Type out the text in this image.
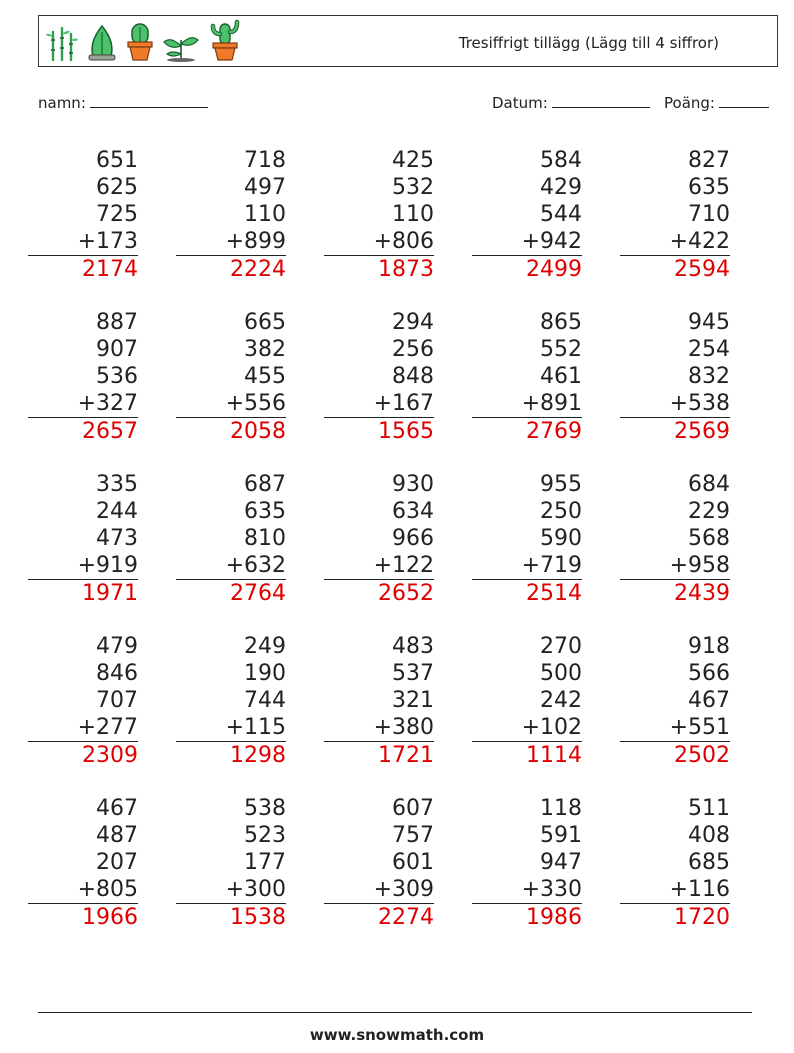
Tresiffrigt tillägg (Lägg till 4 siffror)
namn:	Datum:	Poäng:
651
625
725
+173
2174
718
497
110
+899
2224
425
532
110
+806
1873
584
429
544
+942
2499
827
635
710
+422
2594
887
907
536
+327
2657
665
382
455
+556
2058
294
256
848
+167
1565
865
552
461
+891
2769
945
254
832
+538
2569
335
244
473
+919
1971
687
635
810
+632
2764
930
634
966
+122
2652
955
250
590
+719
2514
684
229
568
+958
2439
479
846
707
+277
2309
249
190
744
+115
1298
483
537
321
+380
1721
270
500
242
+102
1114
918
566
467
+551
2502
467
487
207
+805
1966
538
523
177
+300
1538
607
757
601
+309
2274
118
591
947
+330
1986
511
408
685
+116
1720
www.snowmath.com
